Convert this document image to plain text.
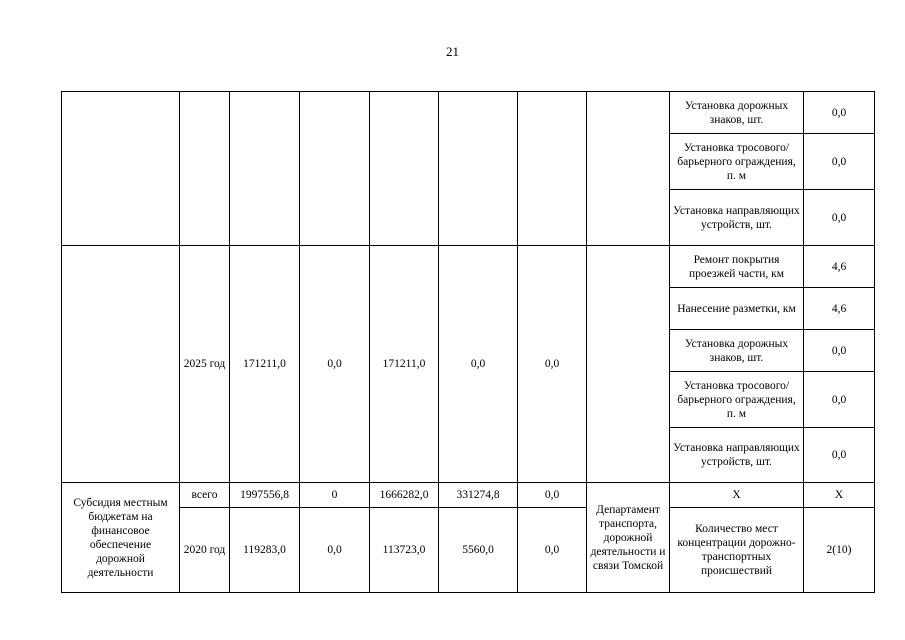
21
								Установка дорожных знаков, шт.	0,0
								Установка тросового/барьерного ограждения, п. м	0,0
								Установка направляющих устройств, шт.	0,0
	2025 год	171211,0	0,0	171211,0	0,0	0,0		Ремонт покрытия проезжей части, км	4,6
								Нанесение разметки, км	4,6
								Установка дорожных знаков, шт.	0,0
								Установка тросового/барьерного ограждения, п. м	0,0
								Установка направляющих устройств, шт.	0,0
Субсидия местным бюджетам на финансовое обеспечение дорожной деятельности	всего	1997556,8	0	1666282,0	331274,8	0,0	Департамент транспорта, дорожной деятельности и связи Томской	Х	Х
	2020 год	119283,0	0,0	113723,0	5560,0	0,0		Количество мест концентрации дорожно-транспортных происшествий	2(10)
